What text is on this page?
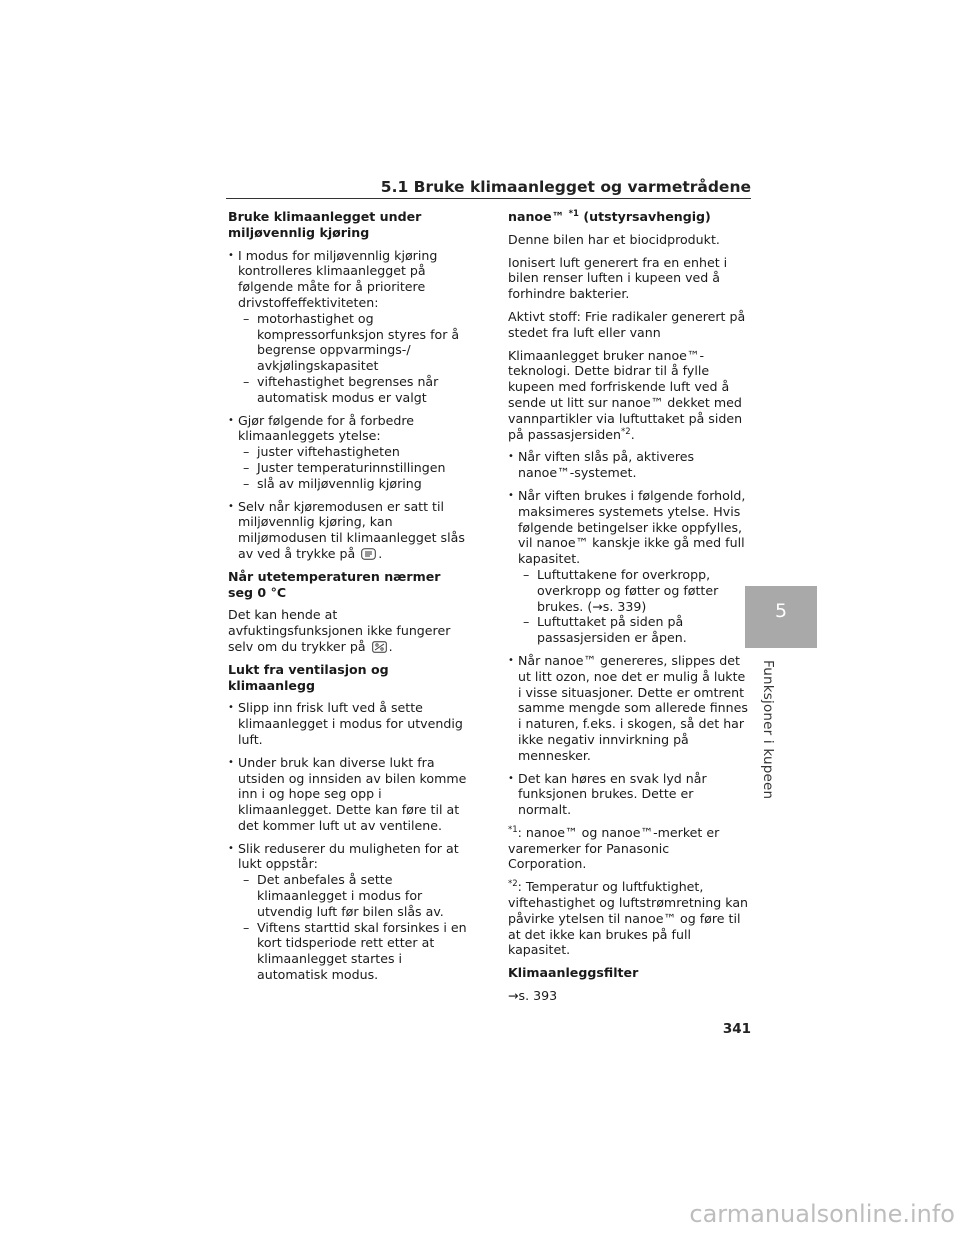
5.1 Bruke klimaanlegget og varmetrådene
Bruke klimaanlegget under miljøvennlig kjøring
• I modus for miljøvennlig kjøring kontrolleres klimaanlegget på følgende måte for å prioritere drivstoffeffektiviteten:
– motorhastighet og kompressorfunksjon styres for å begrense oppvarmings-/ avkjølingskapasitet
– viftehastighet begrenses når automatisk modus er valgt
• Gjør følgende for å forbedre klimaanleggets ytelse:
– juster viftehastigheten
– Juster temperaturinnstillingen
– slå av miljøvennlig kjøring
• Selv når kjøremodusen er satt til miljøvennlig kjøring, kan miljømodusen til klimaanlegget slås av ved å trykke på .
Når utetemperaturen nærmer seg 0 °C

Det kan hende at avfuktingsfunksjonen ikke fungerer selv om du trykker på .

Lukt fra ventilasjon og klimaanlegg
• Slipp inn frisk luft ved å sette klimaanlegget i modus for utvendig luft.
• Under bruk kan diverse lukt fra utsiden og innsiden av bilen komme inn i og hope seg opp i klimaanlegget. Dette kan føre til at det kommer luft ut av ventilene.
• Slik reduserer du muligheten for at lukt oppstår:
– Det anbefales å sette klimaanlegget i modus for utvendig luft før bilen slås av.
– Viftens starttid skal forsinkes i en kort tidsperiode rett etter at klimaanlegget startes i automatisk modus.
nanoe™ $^{*1}$ (utstyrsavhengig)

Denne bilen har et biocidprodukt.

Ionisert luft generert fra en enhet i bilen renser luften i kupeen ved å forhindre bakterier.

Aktivt stoff: Frie radikaler generert på stedet fra luft eller vann

Klimaanlegget bruker nanoe™-teknologi. Dette bidrar til å fylle kupeen med forfriskende luft ved å sende ut litt sur nanoe™ dekket med vannpartikler via luftuttaket på siden på passasjersiden$^{*2}$.

• Når viften slås på, aktiveres nanoe™-systemet.
• Når viften brukes i følgende forhold, maksimeres systemets ytelse. Hvis følgende betingelser ikke oppfylles, vil nanoe™ kanskje ikke gå med full kapasitet.
– Luftuttakene for overkropp, overkropp og føtter og føtter brukes. (→s. 339)
– Luftuttaket på siden på passasjersiden er åpen.
• Når nanoe™ genereres, slippes det ut litt ozon, noe det er mulig å lukte i visse situasjoner. Dette er omtrent samme mengde som allerede finnes i naturen, f.eks. i skogen, så det har ikke negativ innvirkning på mennesker.
• Det kan høres en svak lyd når funksjonen brukes. Dette er normalt.

$^{*1}$: nanoe™ og nanoe™-merket er varemerker for Panasonic Corporation.

$^{*2}$: Temperatur og luftfuktighet, viftehastighet og luftstrømretning kan påvirke ytelsen til nanoe™ og føre til at det ikke kan brukes på full kapasitet.

Klimaanleggsfilter

→s. 393

5
Funksjoner i kupeen
341
carmanualsonline.info
